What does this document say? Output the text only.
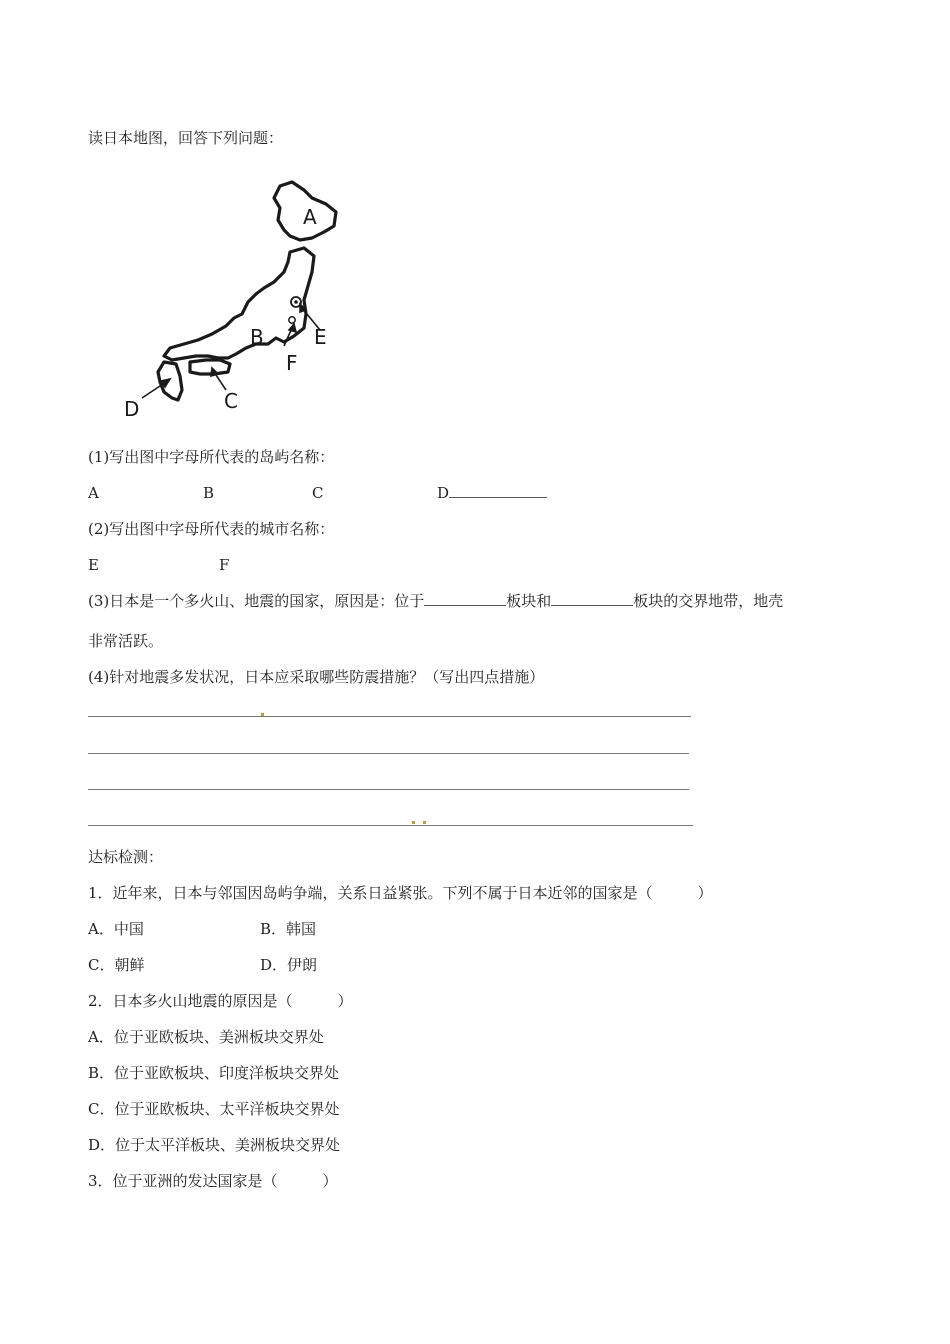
读日本地图，回答下列问题：
A
B
C
D
E
F
(1)写出图中字母所代表的岛屿名称：
A	B	C	D
(2)写出图中字母所代表的城市名称：
E	F
(3)日本是一个多火山、地震的国家，原因是：位于	板块和	板块的交界地带，地壳
非常活跃。
(4)针对地震多发状况，日本应采取哪些防震措施？（写出四点措施）
达标检测：
1．近年来，日本与邻国因岛屿争端，关系日益紧张。下列不属于日本近邻的国家是（　　　）
A．中国	B．韩国
C．朝鲜	D．伊朗
2．日本多火山地震的原因是（　　　）
A．位于亚欧板块、美洲板块交界处
B．位于亚欧板块、印度洋板块交界处
C．位于亚欧板块、太平洋板块交界处
D．位于太平洋板块、美洲板块交界处
3．位于亚洲的发达国家是（　　　）
